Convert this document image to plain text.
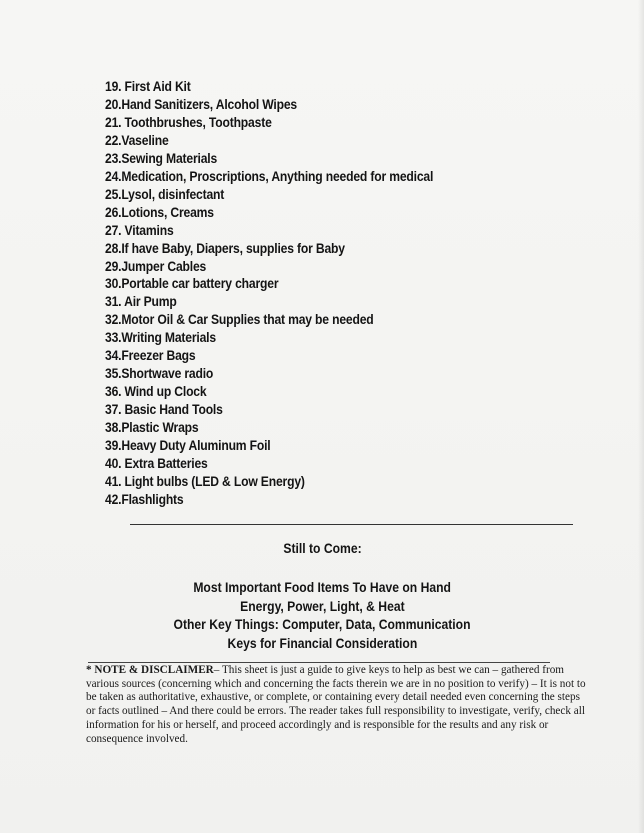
19. First Aid Kit
20.Hand Sanitizers, Alcohol Wipes
21. Toothbrushes, Toothpaste
22.Vaseline
23.Sewing Materials
24.Medication, Proscriptions, Anything needed for medical
25.Lysol, disinfectant
26.Lotions, Creams
27. Vitamins
28.If have Baby, Diapers, supplies for Baby
29.Jumper Cables
30.Portable car battery charger
31. Air Pump
32.Motor Oil & Car Supplies that may be needed
33.Writing Materials
34.Freezer Bags
35.Shortwave radio
36. Wind up Clock
37. Basic Hand Tools
38.Plastic Wraps
39.Heavy Duty Aluminum Foil
40. Extra Batteries
41. Light bulbs (LED & Low Energy)
42.Flashlights

Still to Come:

Most Important Food Items To Have on Hand
Energy, Power, Light, & Heat
Other Key Things: Computer, Data, Communication
Keys for Financial Consideration

* NOTE & DISCLAIMER– This sheet is just a guide to give keys to help as best we can – gathered from various sources (concerning which and concerning the facts therein we are in no position to verify) – It is not to be taken as authoritative, exhaustive, or complete, or containing every detail needed even concerning the steps or facts outlined – And there could be errors. The reader takes full responsibility to investigate, verify, check all information for his or herself, and proceed accordingly and is responsible for the results and any risk or consequence involved.
